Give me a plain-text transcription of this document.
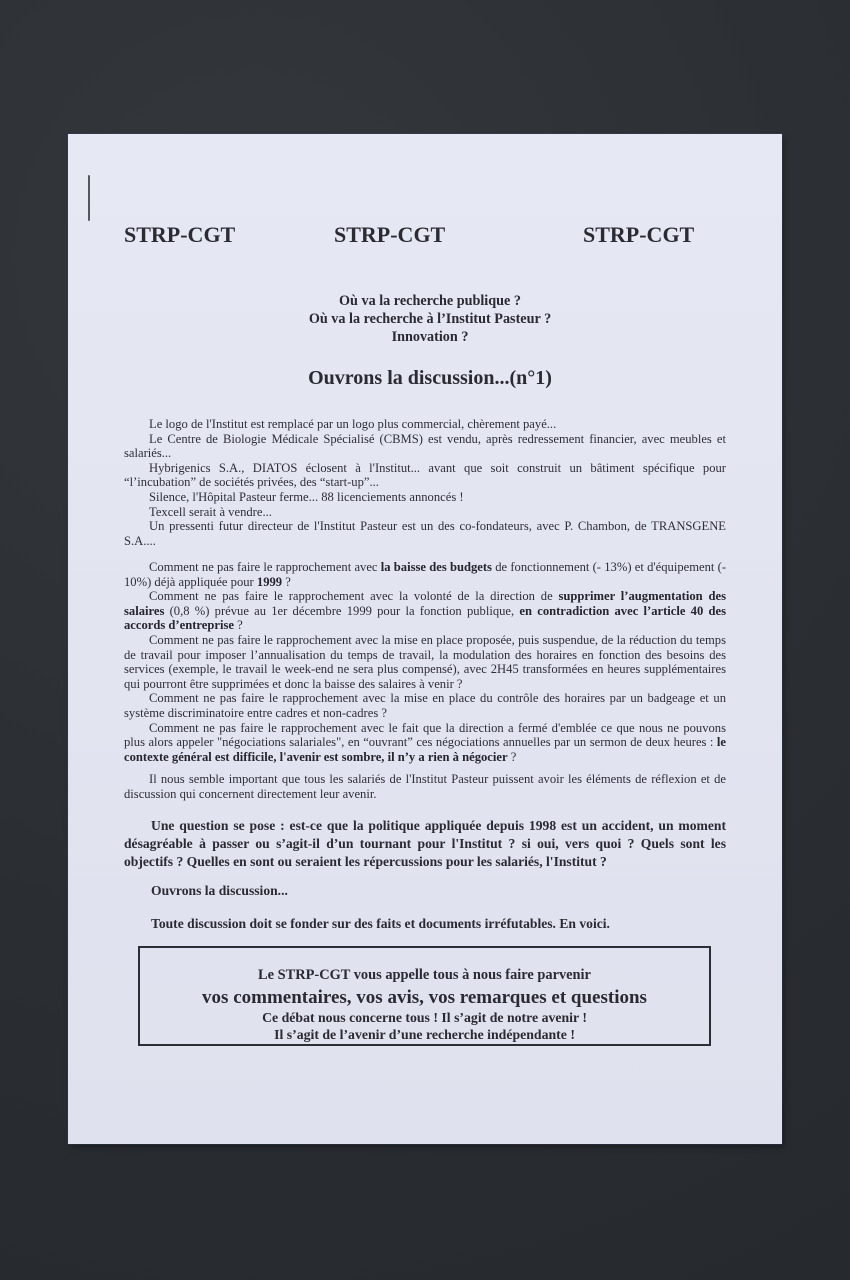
STRP-CGT	STRP-CGT	STRP-CGT
Où va la recherche publique ?
Où va la recherche à l’Institut Pasteur ?
Innovation ?
Ouvrons la discussion...(n°1)

Le logo de l'Institut est remplacé par un logo plus commercial, chèrement payé...

Le Centre de Biologie Médicale Spécialisé (CBMS) est vendu, après redressement financier, avec meubles et salariés...

Hybrigenics S.A., DIATOS éclosent à l'Institut... avant que soit construit un bâtiment spécifique pour “l’incubation” de sociétés privées, des “start-up”...

Silence, l'Hôpital Pasteur ferme... 88 licenciements annoncés !

Texcell serait à vendre...

Un pressenti futur directeur de l'Institut Pasteur est un des co-fondateurs, avec P. Chambon, de TRANSGENE S.A....

Comment ne pas faire le rapprochement avec la baisse des budgets de fonctionnement (- 13%) et d'équipement (- 10%) déjà appliquée pour 1999 ?

Comment ne pas faire le rapprochement avec la volonté de la direction de supprimer l’augmentation des salaires (0,8 %) prévue au 1er décembre 1999 pour la fonction publique, en contradiction avec l’article 40 des accords d’entreprise ?

Comment ne pas faire le rapprochement avec la mise en place proposée, puis suspendue, de la réduction du temps de travail pour imposer l’annualisation du temps de travail, la modulation des horaires en fonction des besoins des services (exemple, le travail le week-end ne sera plus compensé), avec 2H45 transformées en heures supplémentaires qui pourront être supprimées et donc la baisse des salaires à venir ?

Comment ne pas faire le rapprochement avec la mise en place du contrôle des horaires par un badgeage et un système discriminatoire entre cadres et non-cadres ?

Comment ne pas faire le rapprochement avec le fait que la direction a fermé d'emblée ce que nous ne pouvons plus alors appeler "négociations salariales", en “ouvrant” ces négociations annuelles par un sermon de deux heures : le contexte général est difficile, l'avenir est sombre, il n’y a rien à négocier ?

Il nous semble important que tous les salariés de l'Institut Pasteur puissent avoir les éléments de réflexion et de discussion qui concernent directement leur avenir.

Une question se pose : est-ce que la politique appliquée depuis 1998 est un accident, un moment désagréable à passer ou s’agit-il d’un tournant pour l'Institut ? si oui, vers quoi ? Quels sont les objectifs ? Quelles en sont ou seraient les répercussions pour les salariés, l'Institut ?

Ouvrons la discussion...

Toute discussion doit se fonder sur des faits et documents irréfutables. En voici.

Le STRP-CGT vous appelle tous à nous faire parvenir
vos commentaires, vos avis, vos remarques et questions
Ce débat nous concerne tous ! Il s’agit de notre avenir !
Il s’agit de l’avenir d’une recherche indépendante !
